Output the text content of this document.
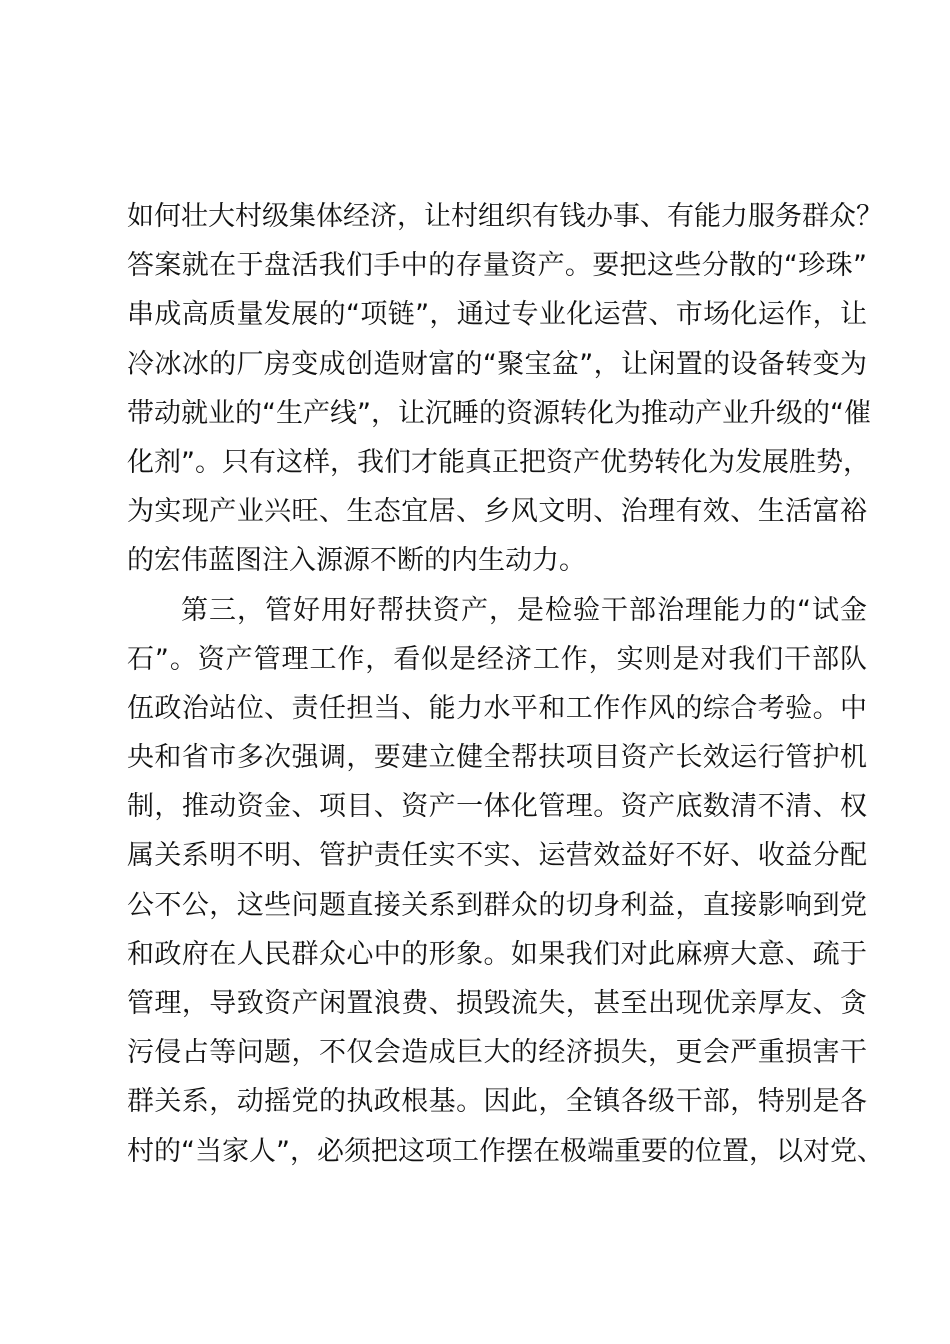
如何壮大村级集体经济，让村组织有钱办事、有能力服务群众？
答案就在于盘活我们手中的存量资产。要把这些分散的“珍珠”
串成高质量发展的“项链”，通过专业化运营、市场化运作，让
冷冰冰的厂房变成创造财富的“聚宝盆”，让闲置的设备转变为
带动就业的“生产线”，让沉睡的资源转化为推动产业升级的“催
化剂”。只有这样，我们才能真正把资产优势转化为发展胜势，
为实现产业兴旺、生态宜居、乡风文明、治理有效、生活富裕
的宏伟蓝图注入源源不断的内生动力。
第三，管好用好帮扶资产，是检验干部治理能力的“试金
石”。资产管理工作，看似是经济工作，实则是对我们干部队
伍政治站位、责任担当、能力水平和工作作风的综合考验。中
央和省市多次强调，要建立健全帮扶项目资产长效运行管护机
制，推动资金、项目、资产一体化管理。资产底数清不清、权
属关系明不明、管护责任实不实、运营效益好不好、收益分配
公不公，这些问题直接关系到群众的切身利益，直接影响到党
和政府在人民群众心中的形象。如果我们对此麻痹大意、疏于
管理，导致资产闲置浪费、损毁流失，甚至出现优亲厚友、贪
污侵占等问题，不仅会造成巨大的经济损失，更会严重损害干
群关系，动摇党的执政根基。因此，全镇各级干部，特别是各
村的“当家人”，必须把这项工作摆在极端重要的位置，以对党、
